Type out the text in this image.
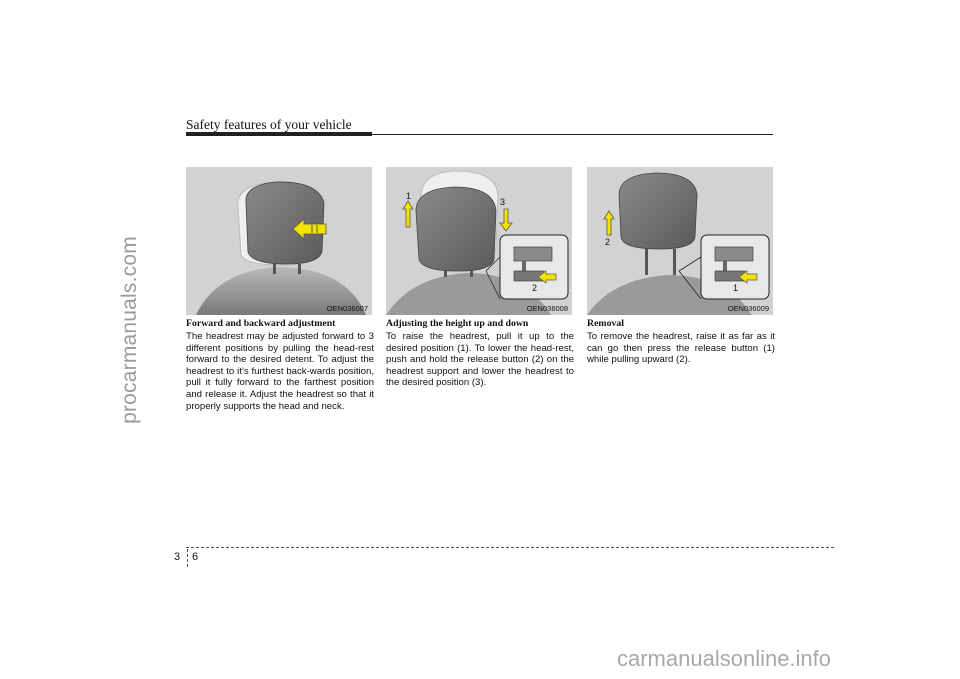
procarmanuals.com
carmanualsonline.info
Safety features of your vehicle
OEN036007
1
3
2
OEN036008
2
1
OEN036009
Forward and backward adjustment

The headrest may be adjusted forward to 3 different positions by pulling the head-rest forward to the desired detent. To adjust the headrest to it’s furthest back-wards position, pull it fully forward to the farthest position and release it. Adjust the headrest so that it properly supports the head and neck.

Adjusting the height up and down

To raise the headrest, pull it up to the desired position (1). To lower the head-rest, push and hold the release button (2) on the headrest support and lower the headrest to the desired position (3).

Removal

To remove the headrest, raise it as far as it can go then press the release button (1) while pulling upward (2).

3 6
